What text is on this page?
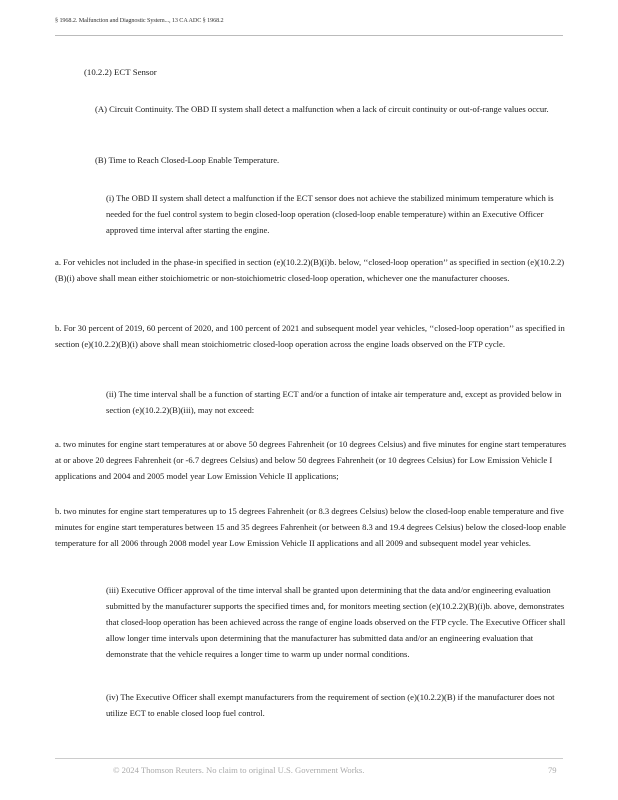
§ 1968.2. Malfunction and Diagnostic System..., 13 CA ADC § 1968.2

(10.2.2) ECT Sensor

(A) Circuit Continuity. The OBD II system shall detect a malfunction when a lack of circuit continuity or out-of-range values occur.

(B) Time to Reach Closed-Loop Enable Temperature.

(i) The OBD II system shall detect a malfunction if the ECT sensor does not achieve the stabilized minimum temperature which is needed for the fuel control system to begin closed-loop operation (closed-loop enable temperature) within an Executive Officer approved time interval after starting the engine.

a. For vehicles not included in the phase-in specified in section (e)(10.2.2)(B)(i)b. below, ‘‘closed-loop operation’’ as specified in section (e)(10.2.2)(B)(i) above shall mean either stoichiometric or non-stoichiometric closed-loop operation, whichever one the manufacturer chooses.

b. For 30 percent of 2019, 60 percent of 2020, and 100 percent of 2021 and subsequent model year vehicles, ‘‘closed-loop operation’’ as specified in section (e)(10.2.2)(B)(i) above shall mean stoichiometric closed-loop operation across the engine loads observed on the FTP cycle.

(ii) The time interval shall be a function of starting ECT and/or a function of intake air temperature and, except as provided below in section (e)(10.2.2)(B)(iii), may not exceed:

a. two minutes for engine start temperatures at or above 50 degrees Fahrenheit (or 10 degrees Celsius) and five minutes for engine start temperatures at or above 20 degrees Fahrenheit (or -6.7 degrees Celsius) and below 50 degrees Fahrenheit (or 10 degrees Celsius) for Low Emission Vehicle I applications and 2004 and 2005 model year Low Emission Vehicle II applications;

b. two minutes for engine start temperatures up to 15 degrees Fahrenheit (or 8.3 degrees Celsius) below the closed-loop enable temperature and five minutes for engine start temperatures between 15 and 35 degrees Fahrenheit (or between 8.3 and 19.4 degrees Celsius) below the closed-loop enable temperature for all 2006 through 2008 model year Low Emission Vehicle II applications and all 2009 and subsequent model year vehicles.

(iii) Executive Officer approval of the time interval shall be granted upon determining that the data and/or engineering evaluation submitted by the manufacturer supports the specified times and, for monitors meeting section (e)(10.2.2)(B)(i)b. above, demonstrates that closed-loop operation has been achieved across the range of engine loads observed on the FTP cycle. The Executive Officer shall allow longer time intervals upon determining that the manufacturer has submitted data and/or an engineering evaluation that demonstrate that the vehicle requires a longer time to warm up under normal conditions.

(iv) The Executive Officer shall exempt manufacturers from the requirement of section (e)(10.2.2)(B) if the manufacturer does not utilize ECT to enable closed loop fuel control.

© 2024 Thomson Reuters. No claim to original U.S. Government Works.	79
